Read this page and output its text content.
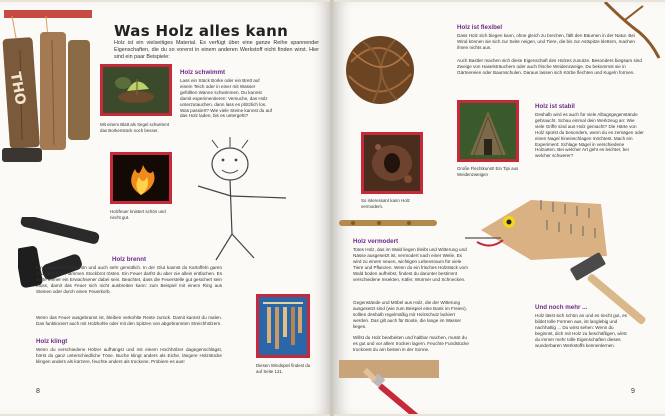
THO
Was Holz alles kann
Holz ist ein vielseitiges Material. Es verfügt über eine ganze Reihe spannender Eigenschaften, die du so vorerst in einem anderen Werkstoff nicht finden wirst. Hier sind ein paar Beispiele:
Mit einem Blatt als Segel schwimmt das Borkenstück noch besser.
Holz schwimmt
Lass ein Stück Borke oder ein Brett auf einem Teich oder in einer mit Wasser gefüllten Wanne schwimmen. Du kannst damit experimentieren: Versuche, das Holz unterzutauchen, dann lass es plötzlich los. Was passiert? Wie viele Steine kannst du auf das Holz laden, bis es untergeht?
Holzfeuer knistert schön und riecht gut.
Holz brennt
Ein Lagerfeuer ist schön und auch sehr gemütlich. In der Glut kannst du Kartoffeln garen und über den Flammen Stockbrot rösten. Ein Feuer darfst du aber nie allein entfachen. Es sollte immer ein Erwachsener dabei sein. Beachtet, dass die Feuerstelle gut gesichert sein muss, damit das Feuer sich nicht ausbreiten kann: zum Beispiel mit einem Ring aus Steinen oder durch einen Feuerkorb.
Wenn das Feuer ausgebrannt ist, bleiben verkohlte Reste zurück. Damit kannst du malen. Das funktioniert auch mit Holzkohle oder mit den Spitzen von abgebrannten Streichhölzern.
Holz klingt
Wenn du verschiedene Hölzer aufhängst und mit einem Hochhölzer dagegenschlägst, hörst du ganz unterschiedliche Töne. Buche klingt anders als Eiche, längere Holzstücke klingen anders als kürzere, feuchte anders als trockene. Probiere es aus!
Diesen Windspiel findest du auf Seite 121.
8
Holz ist flexibel
Dass Holz sich biegen kann, ohne gleich zu brechen, fällt den Bäumen in der Natur. Bei Wind können sie sich zur Seite neigen, und Tiere, die bis zur Astspitze klettern, machen ihnen nichts aus.
Auch Bastler machen sich diese Eigenschaft des Holzes zunutze. Besonders biegsam sind Zweige von Haselsträuchern oder auch frische Weidenzweige. Du bekommst sie in Gärtnereien oder Baumschulen. Daraus lassen sich Körbe flechten und Kugeln formen.
Große Flechtkunst! Ein Tipi aus Weidenzweigen
So interessant kann Holz vermodern.
Holz ist stabil
Deshalb wird es auch für viele Alltagsgegenstände gebraucht. Schau einmal dein Werkzeug an: Wie viele Griffe sind aus Holz gemacht? Die Härte von Holz spürst du besonders, wenn du es zersägen oder einen Nagel hineinschlagen möchtest. Mach ein Experiment: Schlage Nägel in verschiedene Holzarten. Bei welcher Art geht es leichter, bei welcher schwerer?
Holz vermodert
Totes Holz, das im Wald liegen bleibt und Witterung und Nässe ausgesetzt ist, vermodert nach einer Weile. Es wird zu einem neuen, wichtigen Lebensraum für viele Tiere und Pflanzen. Wenn du ein frisches Holzstück vom Wald boden aufhebst, findest du darunter bestimmt verschiedene Insekten, Käfer, Würmer und Schnecken.
Gegenstände und Möbel aus Holz, die der Witterung ausgesetzt sind (wie zum Beispiel eine Bank im Freien), sollten deshalb regelmäßig mit Holzschutz lackiert werden. Das gilt auch für Boote, die lange im Wasser liegen.
Willst du Holz bearbeiten und haltbar machen, musst du es gut und vor allem trocken lagern. Feuchte Fundstücke trocknest du am besten in der Sonne.
Und noch mehr ...
Holz lässt sich schön an und es riecht gut, es bildet tolle Formen aus, ist langlebig und nachhaltig ... Du wirst sehen: Wenn du beginnst, dich mit Holz zu beschäftigen, wirst du immer mehr tolle Eigenschaften dieses wunderbaren Werkstoffs kennenlernen.
9
